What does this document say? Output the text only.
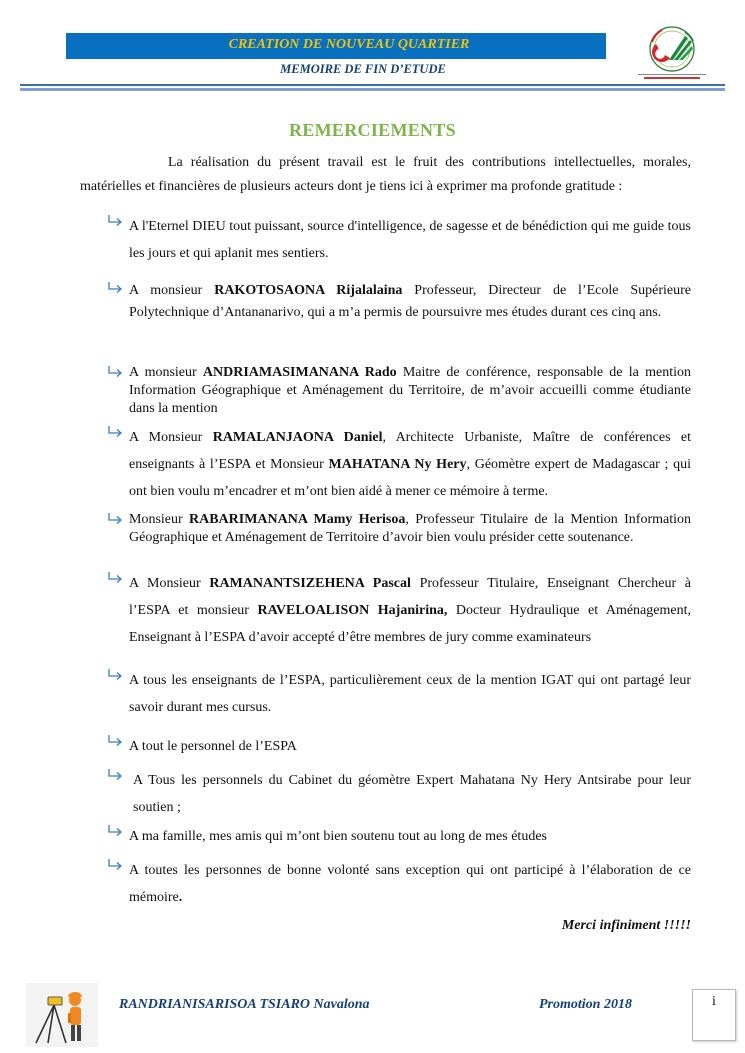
CREATION DE NOUVEAU QUARTIER
MEMOIRE DE FIN D’ETUDE
REMERCIEMENTS

La réalisation du présent travail est le fruit des contributions intellectuelles, morales, matérielles et financières de plusieurs acteurs dont je tiens ici à exprimer ma profonde gratitude :

A l'Eternel DIEU tout puissant, source d'intelligence, de sagesse et de bénédiction qui me guide tous les jours et qui aplanit mes sentiers.
A monsieur RAKOTOSAONA Rijalalaina Professeur, Directeur de l’Ecole Supérieure Polytechnique d’Antananarivo, qui a m’a permis de poursuivre mes études durant ces cinq ans.
A monsieur ANDRIAMASIMANANA Rado Maitre de conférence, responsable de la mention Information Géographique et Aménagement du Territoire, de m’avoir accueilli comme étudiante dans la mention
A Monsieur RAMALANJAONA Daniel, Architecte Urbaniste, Maître de conférences et enseignants à l’ESPA et Monsieur MAHATANA Ny Hery, Géomètre expert de Madagascar ; qui ont bien voulu m’encadrer et m’ont bien aidé à mener ce mémoire à terme.
Monsieur RABARIMANANA Mamy Herisoa, Professeur Titulaire de la Mention Information Géographique et Aménagement de Territoire d’avoir bien voulu présider cette soutenance.
A Monsieur RAMANANTSIZEHENA Pascal Professeur Titulaire, Enseignant Chercheur à l’ESPA et monsieur RAVELOALISON Hajanirina, Docteur Hydraulique et Aménagement, Enseignant à l’ESPA d’avoir accepté d’être membres de jury comme examinateurs
A tous les enseignants de l’ESPA, particulièrement ceux de la mention IGAT qui ont partagé leur savoir durant mes cursus.
A tout le personnel de l’ESPA
A Tous les personnels du Cabinet du géomètre Expert Mahatana Ny Hery Antsirabe pour leur soutien ;
A ma famille, mes amis qui m’ont bien soutenu tout au long de mes études
A toutes les personnes de bonne volonté sans exception qui ont participé à l’élaboration de ce mémoire.
Merci infiniment !!!!!
RANDRIANISARISOA TSIARO Navalona	Promotion 2018	i
